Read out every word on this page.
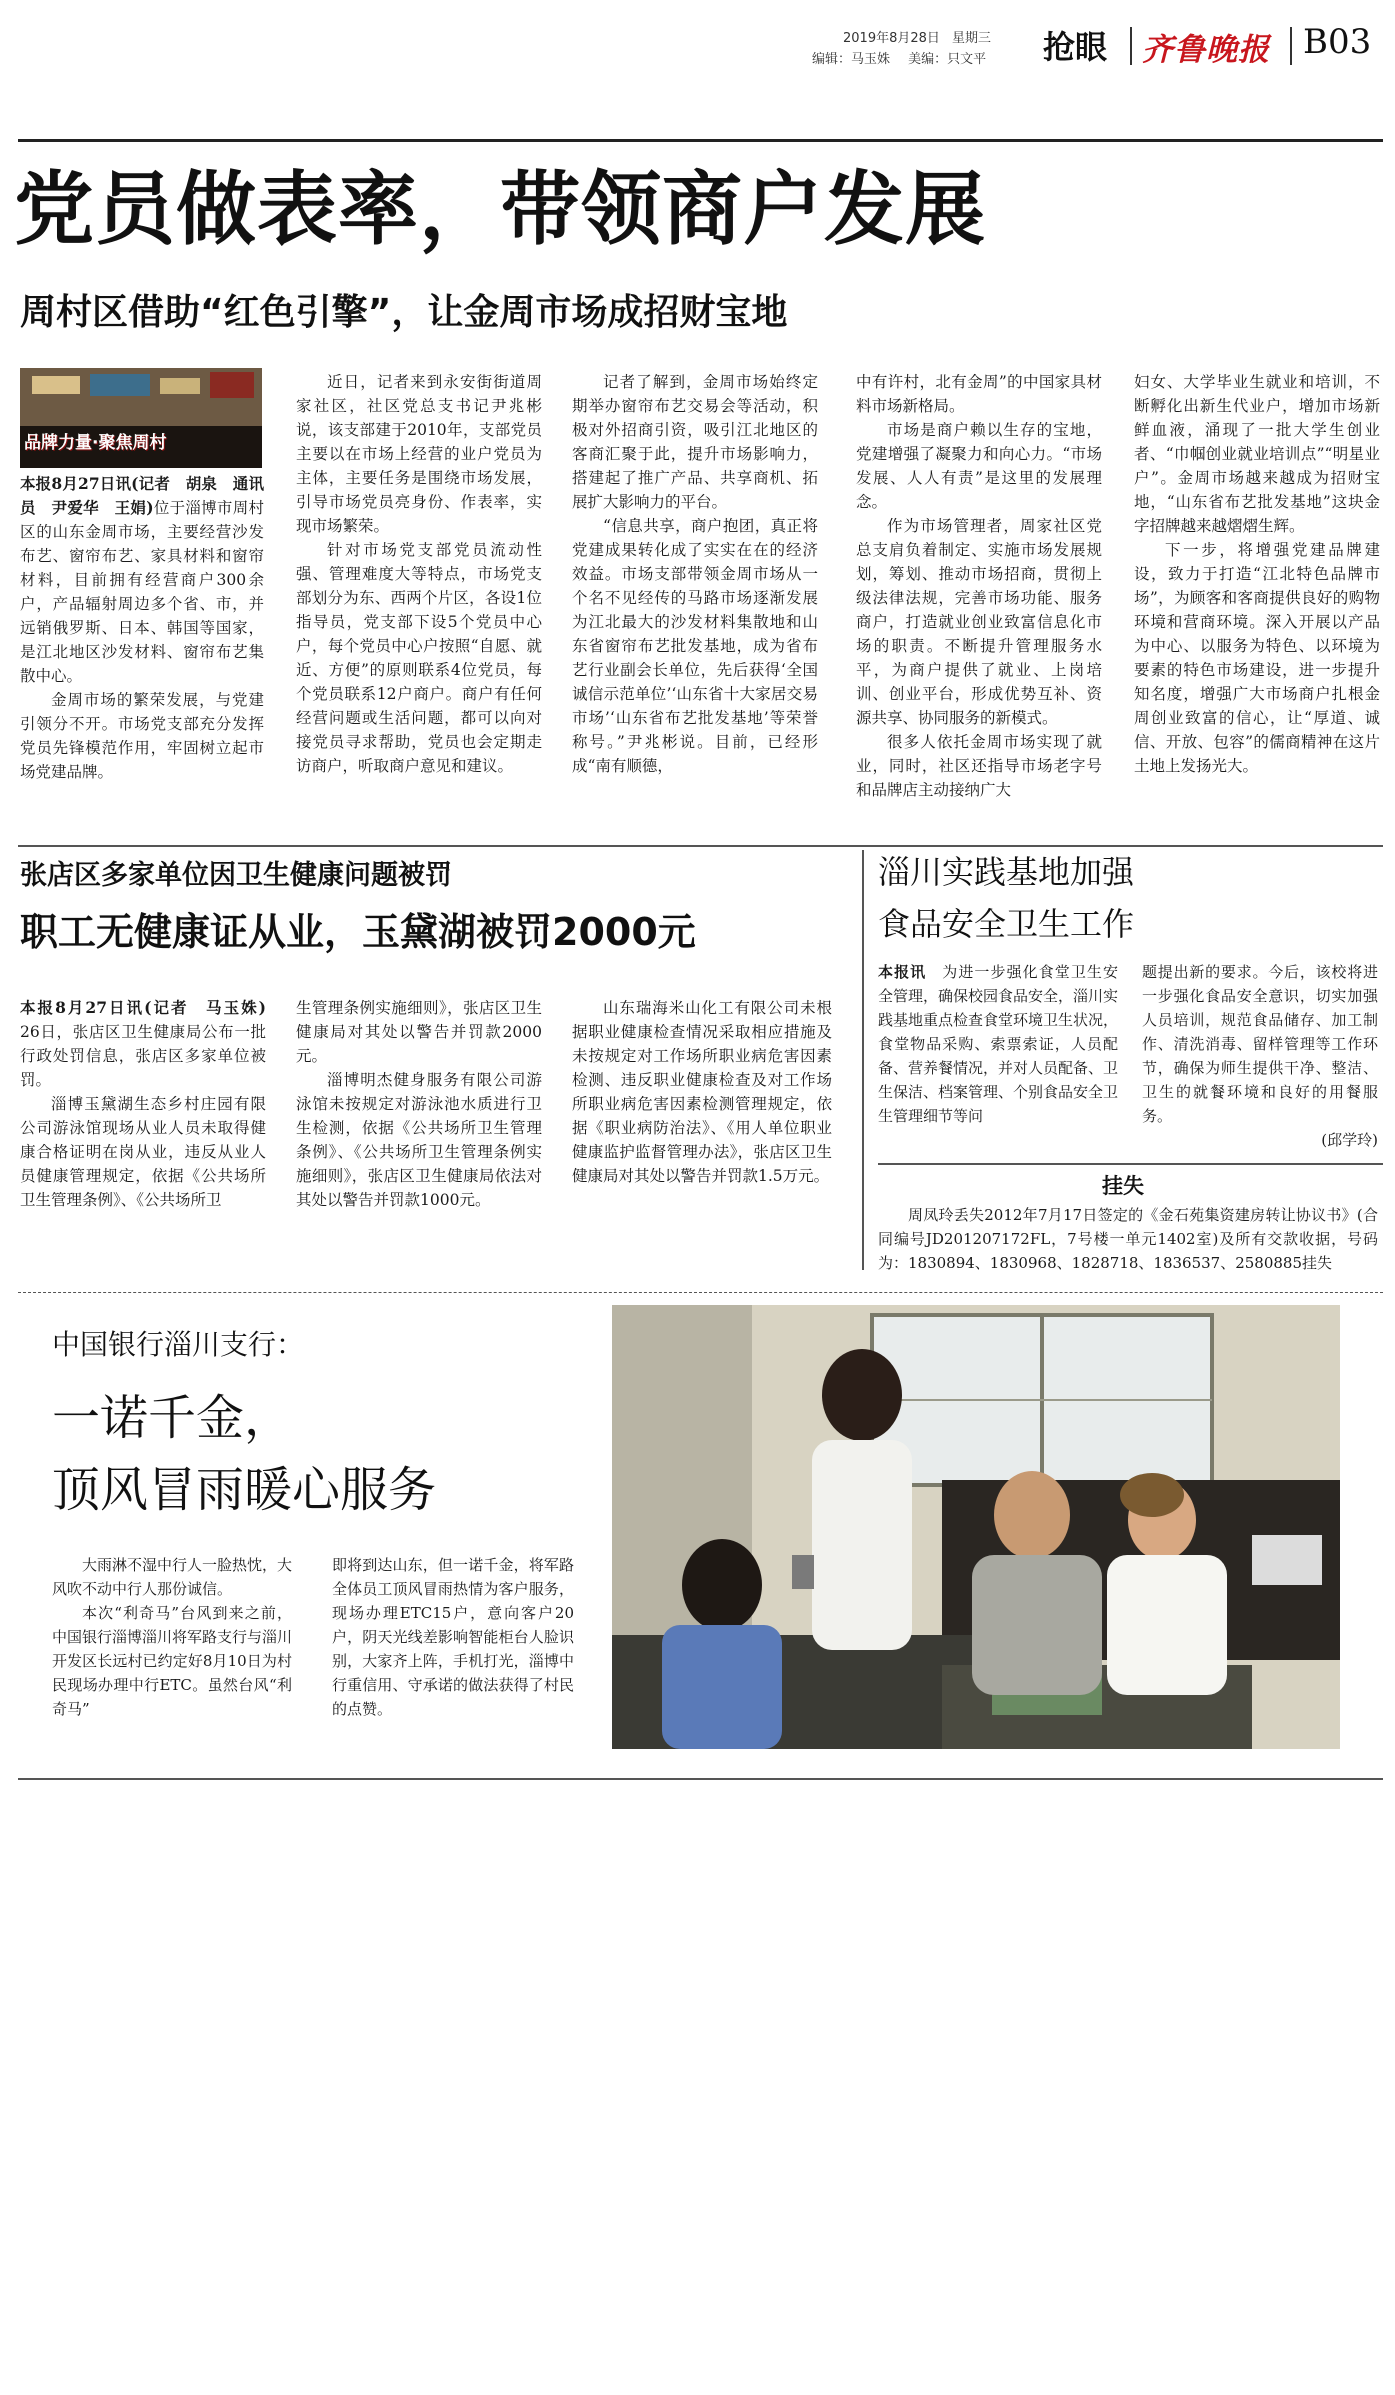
2019年8月28日 星期三
编辑：马玉姝 美编：只文平 抢眼 齐鲁晚报 B03
党员做表率，带领商户发展
周村区借助“红色引擎”，让金周市场成招财宝地
品牌力量·聚焦周村

本报8月27日讯(记者　胡泉　通讯员　尹爱华　王娟)位于淄博市周村区的山东金周市场，主要经营沙发布艺、窗帘布艺、家具材料和窗帘材料，目前拥有经营商户300余户，产品辐射周边多个省、市，并远销俄罗斯、日本、韩国等国家，是江北地区沙发材料、窗帘布艺集散中心。

金周市场的繁荣发展，与党建引领分不开。市场党支部充分发挥党员先锋模范作用，牢固树立起市场党建品牌。

近日，记者来到永安街街道周家社区，社区党总支书记尹兆彬说，该支部建于2010年，支部党员主要以在市场上经营的业户党员为主体，主要任务是围绕市场发展，引导市场党员亮身份、作表率，实现市场繁荣。

针对市场党支部党员流动性强、管理难度大等特点，市场党支部划分为东、西两个片区，各设1位指导员，党支部下设5个党员中心户，每个党员中心户按照“自愿、就近、方便”的原则联系4位党员，每个党员联系12户商户。商户有任何经营问题或生活问题，都可以向对接党员寻求帮助，党员也会定期走访商户，听取商户意见和建议。

记者了解到，金周市场始终定期举办窗帘布艺交易会等活动，积极对外招商引资，吸引江北地区的客商汇聚于此，提升市场影响力，搭建起了推广产品、共享商机、拓展扩大影响力的平台。

“信息共享，商户抱团，真正将党建成果转化成了实实在在的经济效益。市场支部带领金周市场从一个名不见经传的马路市场逐渐发展为江北最大的沙发材料集散地和山东省窗帘布艺批发基地，成为省布艺行业副会长单位，先后获得‘全国诚信示范单位’‘山东省十大家居交易市场’‘山东省布艺批发基地’等荣誉称号。”尹兆彬说。目前，已经形成“南有顺德，

中有许村，北有金周”的中国家具材料市场新格局。

市场是商户赖以生存的宝地，党建增强了凝聚力和向心力。“市场发展、人人有责”是这里的发展理念。

作为市场管理者，周家社区党总支肩负着制定、实施市场发展规划，筹划、推动市场招商，贯彻上级法律法规，完善市场功能、服务商户，打造就业创业致富信息化市场的职责。不断提升管理服务水平，为商户提供了就业、上岗培训、创业平台，形成优势互补、资源共享、协同服务的新模式。

很多人依托金周市场实现了就业，同时，社区还指导市场老字号和品牌店主动接纳广大

妇女、大学毕业生就业和培训，不断孵化出新生代业户，增加市场新鲜血液，涌现了一批大学生创业者、“巾帼创业就业培训点”“明星业户”。金周市场越来越成为招财宝地，“山东省布艺批发基地”这块金字招牌越来越熠熠生辉。

下一步，将增强党建品牌建设，致力于打造“江北特色品牌市场”，为顾客和客商提供良好的购物环境和营商环境。深入开展以产品为中心、以服务为特色、以环境为要素的特色市场建设，进一步提升知名度，增强广大市场商户扎根金周创业致富的信心，让“厚道、诚信、开放、包容”的儒商精神在这片土地上发扬光大。

张店区多家单位因卫生健康问题被罚
职工无健康证从业，玉黛湖被罚2000元

本报8月27日讯(记者　马玉姝)　26日，张店区卫生健康局公布一批行政处罚信息，张店区多家单位被罚。

淄博玉黛湖生态乡村庄园有限公司游泳馆现场从业人员未取得健康合格证明在岗从业，违反从业人员健康管理规定，依据《公共场所卫生管理条例》、《公共场所卫

生管理条例实施细则》，张店区卫生健康局对其处以警告并罚款2000元。

淄博明杰健身服务有限公司游泳馆未按规定对游泳池水质进行卫生检测，依据《公共场所卫生管理条例》、《公共场所卫生管理条例实施细则》，张店区卫生健康局依法对其处以警告并罚款1000元。

山东瑞海米山化工有限公司未根据职业健康检查情况采取相应措施及未按规定对工作场所职业病危害因素检测、违反职业健康检查及对工作场所职业病危害因素检测管理规定，依据《职业病防治法》、《用人单位职业健康监护监督管理办法》，张店区卫生健康局对其处以警告并罚款1.5万元。

淄川实践基地加强
食品安全卫生工作

本报讯　 为进一步强化食堂卫生安全管理，确保校园食品安全，淄川实践基地重点检查食堂环境卫生状况，食堂物品采购、索票索证，人员配备、营养餐情况，并对人员配备、卫生保洁、档案管理、个别食品安全卫生管理细节等问

题提出新的要求。今后，该校将进一步强化食品安全意识，切实加强人员培训，规范食品储存、加工制作、清洗消毒、留样管理等工作环节，确保为师生提供干净、整洁、卫生的就餐环境和良好的用餐服务。

(邱学玲)

挂失

周凤玲丢失2012年7月17日签定的《金石苑集资建房转让协议书》(合同编号JD201207172FL，7号楼一单元1402室)及所有交款收据，号码为：1830894、1830968、1828718、1836537、2580885挂失

中国银行淄川支行：
一诺千金，
顶风冒雨暖心服务

大雨淋不湿中行人一脸热忱，大风吹不动中行人那份诚信。

本次“利奇马”台风到来之前，中国银行淄博淄川将军路支行与淄川开发区长远村已约定好8月10日为村民现场办理中行ETC。虽然台风“利奇马”

即将到达山东，但一诺千金，将军路全体员工顶风冒雨热情为客户服务，现场办理ETC15户，意向客户20户，阴天光线差影响智能柜台人脸识别，大家齐上阵，手机打光，淄博中行重信用、守承诺的做法获得了村民的点赞。
